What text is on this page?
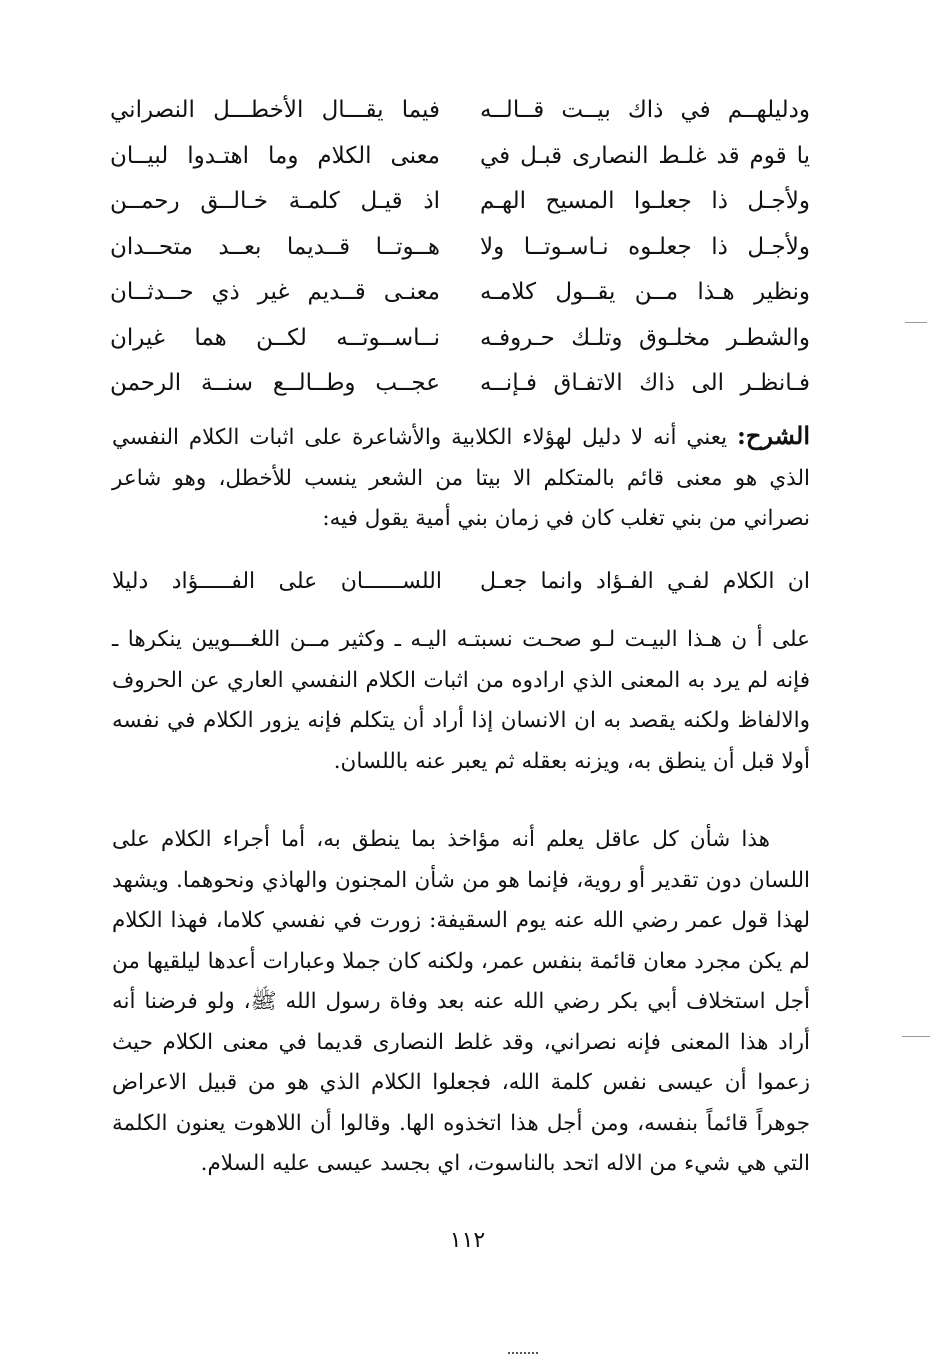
ودليلهــم في ذاك بيــت قــالــه
فيما يقـــال الأخطـــل النصراني
يا قوم قد غلـط النصارى قبـل في
معنى الكلام وما اهتـدوا لبيــان
ولأجـل ذا جعلـوا المسيح الهـم
اذ قيـل كلمـة خـالــق رحمــن
ولأجـل ذا جعلـوه نـاسـوتــا ولا
هــوتــا قــديما بعــد متحــدان
ونظير هـذا مــن يقــول كلامـه
معنـى قــديم غير ذي حــدثــان
والشطـر مخلـوق وتلـك حـروفـه
نــاســوتــه لكــن هما غيران
فـانظـر الى ذاك الاتفـاق فـإنــه
عجــب وطــالــع سنــة الرحمن

الشرح: يعني أنه لا دليل لهؤلاء الكلابية والأشاعرة على اثبات الكلام النفسي الذي هو معنى قائم بالمتكلم الا بيتا من الشعر ينسب للأخطل، وهو شاعر نصراني من بني تغلب كان في زمان بني أمية يقول فيه:

ان الكلام لفـي الفـؤاد وانما جعـل
اللســــــان على الفـــــؤاد دليلا

على أ ن هـذا البيـت لـو صحـت نسبتـه اليـه ـ وكثير مــن اللغـــويين ينكرها ـ فإنه لم يرد به المعنى الذي ارادوه من اثبات الكلام النفسي العاري عن الحروف والالفاظ ولكنه يقصد به ان الانسان إذا أراد أن يتكلم فإنه يزور الكلام في نفسه أولا قبل أن ينطق به، ويزنه بعقله ثم يعبر عنه باللسان.

هذا شأن كل عاقل يعلم أنه مؤاخذ بما ينطق به، أما أجراء الكلام على اللسان دون تقدير أو روية، فإنما هو من شأن المجنون والهاذي ونحوهما. ويشهد لهذا قول عمر رضي الله عنه يوم السقيفة: زورت في نفسي كلاما، فهذا الكلام لم يكن مجرد معان قائمة بنفس عمر، ولكنه كان جملا وعبارات أعدها ليلقيها من أجل استخلاف أبي بكر رضي الله عنه بعد وفاة رسول الله ﷺ، ولو فرضنا أنه أراد هذا المعنى فإنه نصراني، وقد غلط النصارى قديما في معنى الكلام حيث زعموا أن عيسى نفس كلمة الله، فجعلوا الكلام الذي هو من قبيل الاعراض جوهراً قائماً بنفسه، ومن أجل هذا اتخذوه الها. وقالوا أن اللاهوت يعنون الكلمة التي هي شيء من الاله اتحد بالناسوت، اي بجسد عيسى عليه السلام.

١١٢
